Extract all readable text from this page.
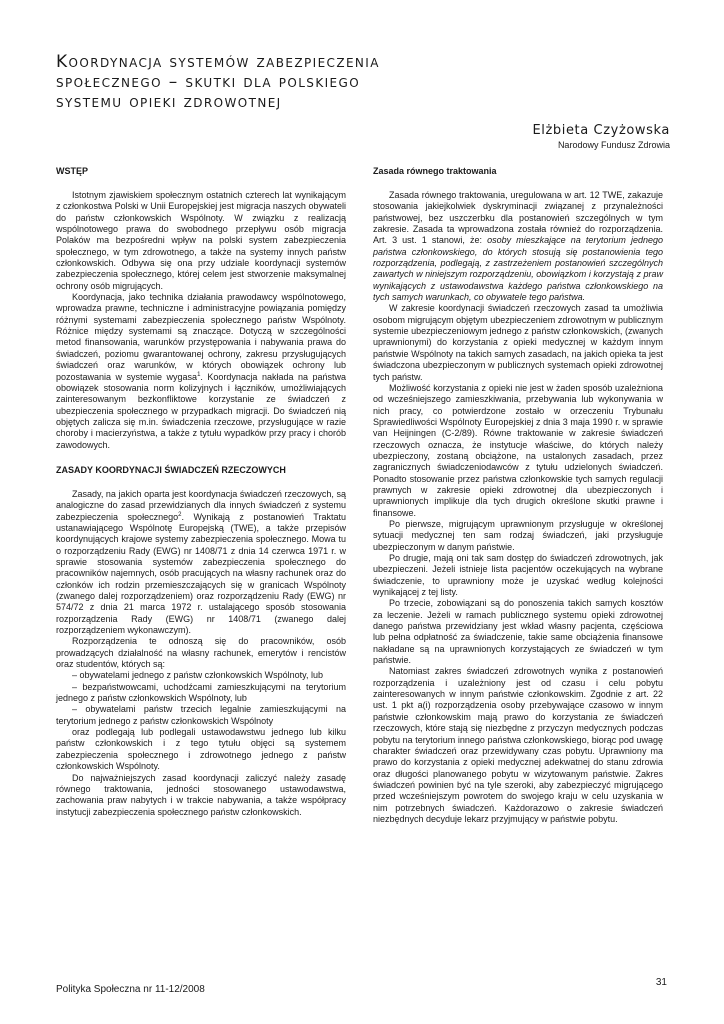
Koordynacja systemów zabezpieczenia
społecznego – skutki dla polskiego
systemu opieki zdrowotnej
Elżbieta Czyżowska
Narodowy Fundusz Zdrowia
WSTĘP

Istotnym zjawiskiem społecznym ostatnich czterech lat wynikającym z członkostwa Polski w Unii Europejskiej jest migracja naszych obywateli do państw członkowskich Wspólnoty. W związku z realizacją wspólnotowego prawa do swobodnego przepływu osób migracja Polaków ma bezpośredni wpływ na polski system zabezpieczenia społecznego, w tym zdrowotnego, a także na systemy innych państw członkowskich. Odbywa się ona przy udziale koordynacji systemów zabezpieczenia społecznego, której celem jest stworzenie maksymalnej ochrony osób migrujących.

Koordynacja, jako technika działania prawodawcy wspólnotowego, wprowadza prawne, techniczne i administracyjne powiązania pomiędzy różnymi systemami zabezpieczenia społecznego państw Wspólnoty. Różnice między systemami są znaczące. Dotyczą w szczególności metod finansowania, warunków przystępowania i nabywania prawa do świadczeń, poziomu gwarantowanej ochrony, zakresu przysługujących świadczeń oraz warunków, w których obowiązek ochrony lub pozostawania w systemie wygasa$^1$. Koordynacja nakłada na państwa obowiązek stosowania norm kolizyjnych i łączników, umożliwiających zainteresowanym bezkonfliktowe korzystanie ze świadczeń z ubezpieczenia społecznego w przypadkach migracji. Do świadczeń nią objętych zalicza się m.in. świadczenia rzeczowe, przysługujące w razie choroby i macierzyństwa, a także z tytułu wypadków przy pracy i chorób zawodowych.

ZASADY KOORDYNACJI ŚWIADCZEŃ RZECZOWYCH

Zasady, na jakich oparta jest koordynacja świadczeń rzeczowych, są analogiczne do zasad przewidzianych dla innych świadczeń z systemu zabezpieczenia społecznego$^2$. Wynikają z postanowień Traktatu ustanawiającego Wspólnotę Europejską (TWE), a także przepisów koordynujących krajowe systemy zabezpieczenia społecznego. Mowa tu o rozporządzeniu Rady (EWG) nr 1408/71 z dnia 14 czerwca 1971 r. w sprawie stosowania systemów zabezpieczenia społecznego do pracowników najemnych, osób pracujących na własny rachunek oraz do członków ich rodzin przemieszczających się w granicach Wspólnoty (zwanego dalej rozporządzeniem) oraz rozporządzeniu Rady (EWG) nr 574/72 z dnia 21 marca 1972 r. ustalającego sposób stosowania rozporządzenia Rady (EWG) nr 1408/71 (zwanego dalej rozporządzeniem wykonawczym).

Rozporządzenia te odnoszą się do pracowników, osób prowadzących działalność na własny rachunek, emerytów i rencistów oraz studentów, których są:

– obywatelami jednego z państw członkowskich Wspólnoty, lub

– bezpaństwowcami, uchodźcami zamieszkującymi na terytorium jednego z państw członkowskich Wspólnoty, lub

– obywatelami państw trzecich legalnie zamieszkującymi na terytorium jednego z państw członkowskich Wspólnoty

oraz podlegają lub podlegali ustawodawstwu jednego lub kilku państw członkowskich i z tego tytułu objęci są systemem zabezpieczenia społecznego i zdrowotnego jednego z państw członkowskich Wspólnoty.

Do najważniejszych zasad koordynacji zaliczyć należy zasadę równego traktowania, jedności stosowanego ustawodawstwa, zachowania praw nabytych i w trakcie nabywania, a także współpracy instytucji zabezpieczenia społecznego państw członkowskich.

Zasada równego traktowania

Zasada równego traktowania, uregulowana w art. 12 TWE, zakazuje stosowania jakiejkolwiek dyskryminacji związanej z przynależności państwowej, bez uszczerbku dla postanowień szczególnych w tym zakresie. Zasada ta wprowadzona została również do rozporządzenia. Art. 3 ust. 1 stanowi, że: osoby mieszkające na terytorium jednego państwa członkowskiego, do których stosują się postanowienia tego rozporządzenia, podlegają, z zastrzeżeniem postanowień szczególnych zawartych w niniejszym rozporządzeniu, obowiązkom i korzystają z praw wynikających z ustawodawstwa każdego państwa członkowskiego na tych samych warunkach, co obywatele tego państwa.

W zakresie koordynacji świadczeń rzeczowych zasad ta umożliwia osobom migrującym objętym ubezpieczeniem zdrowotnym w publicznym systemie ubezpieczeniowym jednego z państw członkowskich, (zwanych uprawnionymi) do korzystania z opieki medycznej w każdym innym państwie Wspólnoty na takich samych zasadach, na jakich opieka ta jest świadczona ubezpieczonym w publicznych systemach opieki zdrowotnej tych państw.

Możliwość korzystania z opieki nie jest w żaden sposób uzależniona od wcześniejszego zamieszkiwania, przebywania lub wykonywania w nich pracy, co potwierdzone zostało w orzeczeniu Trybunału Sprawiedliwości Wspólnoty Europejskiej z dnia 3 maja 1990 r. w sprawie van Heijningen (C-2/89). Równe traktowanie w zakresie świadczeń rzeczowych oznacza, że instytucje właściwe, do których należy ubezpieczony, zostaną obciążone, na ustalonych zasadach, przez zagranicznych świadczeniodawców z tytułu udzielonych świadczeń. Ponadto stosowanie przez państwa członkowskie tych samych regulacji prawnych w zakresie opieki zdrowotnej dla ubezpieczonych i uprawnionych implikuje dla tych drugich określone skutki prawne i finansowe.

Po pierwsze, migrującym uprawnionym przysługuje w określonej sytuacji medycznej ten sam rodzaj świadczeń, jaki przysługuje ubezpieczonym w danym państwie.

Po drugie, mają oni tak sam dostęp do świadczeń zdrowotnych, jak ubezpieczeni. Jeżeli istnieje lista pacjentów oczekujących na wybrane świadczenie, to uprawniony może je uzyskać według kolejności wynikającej z tej listy.

Po trzecie, zobowiązani są do ponoszenia takich samych kosztów za leczenie. Jeżeli w ramach publicznego systemu opieki zdrowotnej danego państwa przewidziany jest wkład własny pacjenta, częściowa lub pełna odpłatność za świadczenie, takie same obciążenia finansowe nakładane są na uprawnionych korzystających ze świadczeń w tym państwie.

Natomiast zakres świadczeń zdrowotnych wynika z postanowień rozporządzenia i uzależniony jest od czasu i celu pobytu zainteresowanych w innym państwie członkowskim. Zgodnie z art. 22 ust. 1 pkt a(i) rozporządzenia osoby przebywające czasowo w innym państwie członkowskim mają prawo do korzystania ze świadczeń rzeczowych, które stają się niezbędne z przyczyn medycznych podczas pobytu na terytorium innego państwa członkowskiego, biorąc pod uwagę charakter świadczeń oraz przewidywany czas pobytu. Uprawniony ma prawo do korzystania z opieki medycznej adekwatnej do stanu zdrowia oraz długości planowanego pobytu w wizytowanym państwie. Zakres świadczeń powinien być na tyle szeroki, aby zabezpieczyć migrującego przed wcześniejszym powrotem do swojego kraju w celu uzyskania w nim potrzebnych świadczeń. Każdorazowo o zakresie świadczeń niezbędnych decyduje lekarz przyjmujący w państwie pobytu.

Polityka Społeczna nr 11-12/2008
31
